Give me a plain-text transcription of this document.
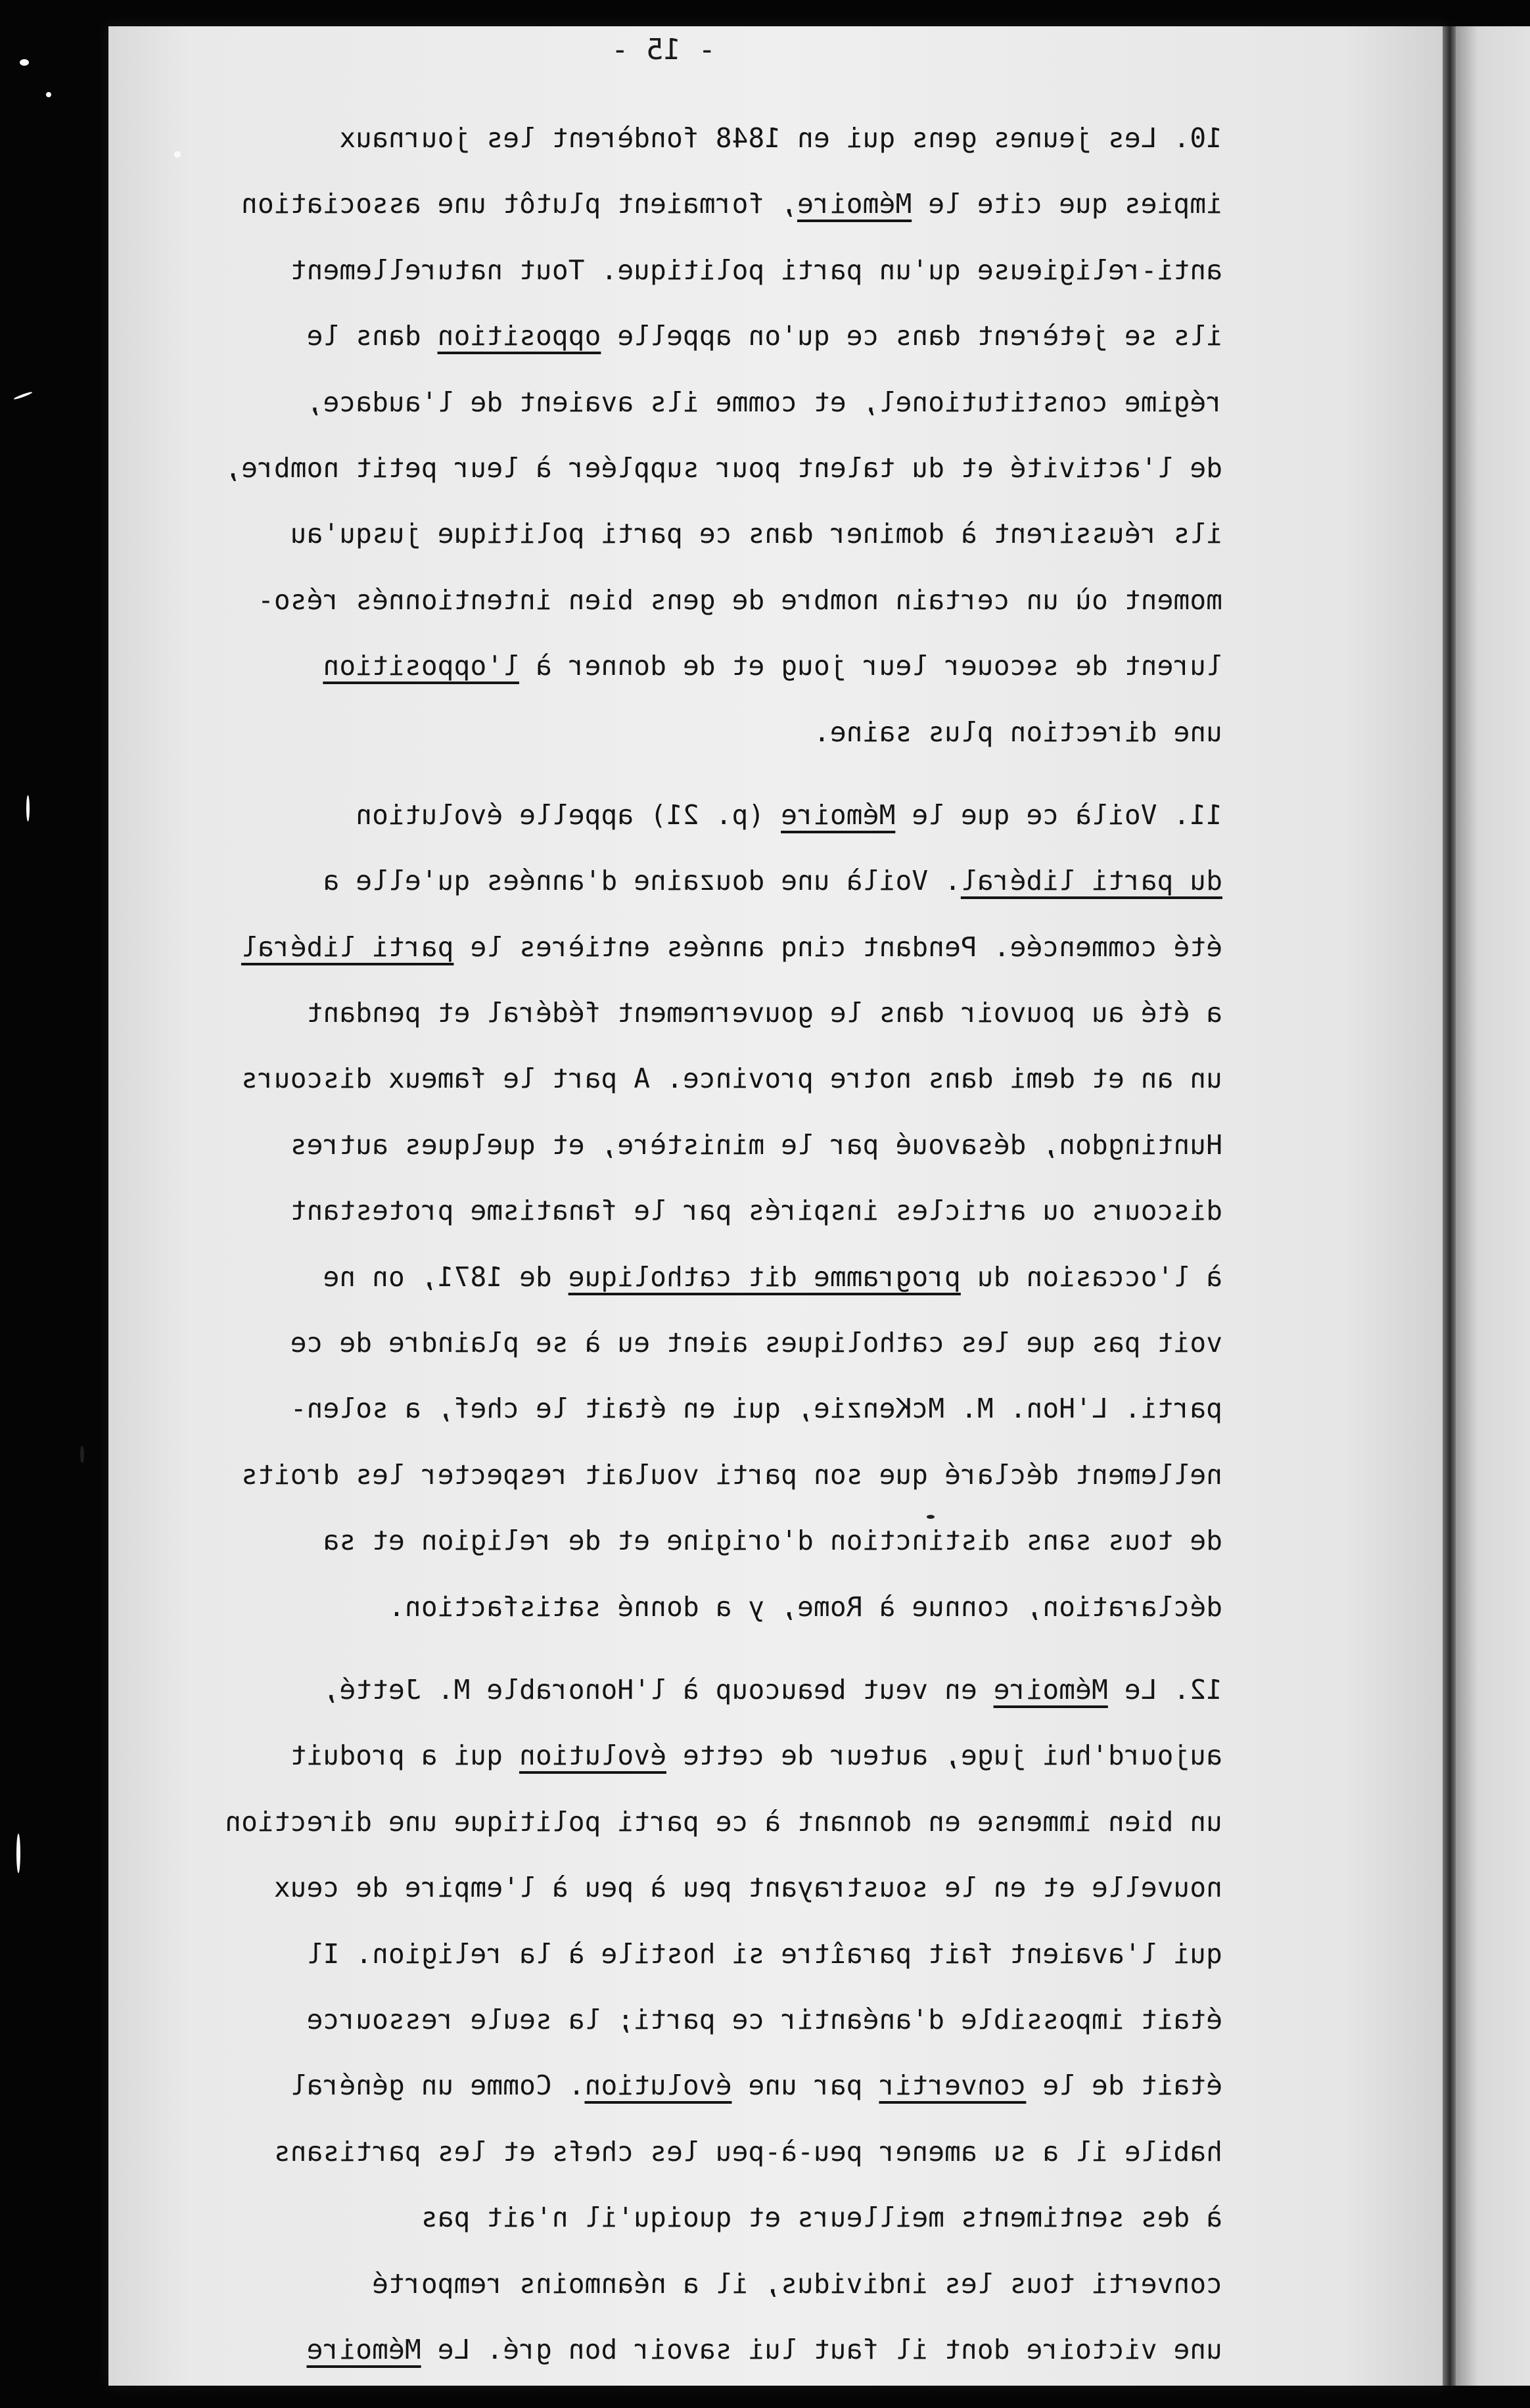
- 15 -
10. Les jeunes gens qui en 1848 fondèrent les journaux
impies que cite le Mémoire, formaient plutôt une association
anti-religieuse qu'un parti politique. Tout naturellement
ils se jetèrent dans ce qu'on appelle opposition dans le
régime constitutionel, et comme ils avaient de l'audace,
de l'activité et du talent pour suppléer à leur petit nombre,
ils réussirent à dominer dans ce parti politique jusqu'au
moment où un certain nombre de gens bien intentionnés réso-
lurent de secouer leur joug et de donner à l'opposition
une direction plus saine.
11. Voilà ce que le Mémoire (p. 21) appelle évolution
du parti libéral. Voilà une douzaine d'années qu'elle a
été commencée. Pendant cinq années entières le parti libéral
a été au pouvoir dans le gouvernement fédéral et pendant
un an et demi dans notre province. A part le fameux discours
Huntingdon, désavoué par le ministère, et quelques autres
discours ou articles inspirés par le fanatisme protestant
à l'occasion du programme dit catholique de 1871, on ne
voit pas que les catholiques aient eu à se plaindre de ce
parti. L'Hon. M. McKenzie, qui en était le chef, a solen-
nellement déclaré que son parti voulait respecter les droits
de tous sans distinction d'origine et de religion et sa
déclaration, connue à Rome, y a donné satisfaction.
12. Le Mémoire en veut beaucoup à l'Honorable M. Jetté,
aujourd'hui juge, auteur de cette évolution qui a produit
un bien immense en donnant à ce parti politique une direction
nouvelle et en le soustrayant peu à peu à l'empire de ceux
qui l'avaient fait paraître si hostile à la religion. Il
était impossible d'anéantir ce parti; la seule ressource
était de le convertir par une évolution. Comme un général
habile il a su amener peu-à-peu les chefs et les partisans
à des sentiments meilleurs et quoiqu'il n'ait pas
converti tous les individus, il a néanmoins remporté
une victoire dont il faut lui savoir bon gré. Le Mémoire
